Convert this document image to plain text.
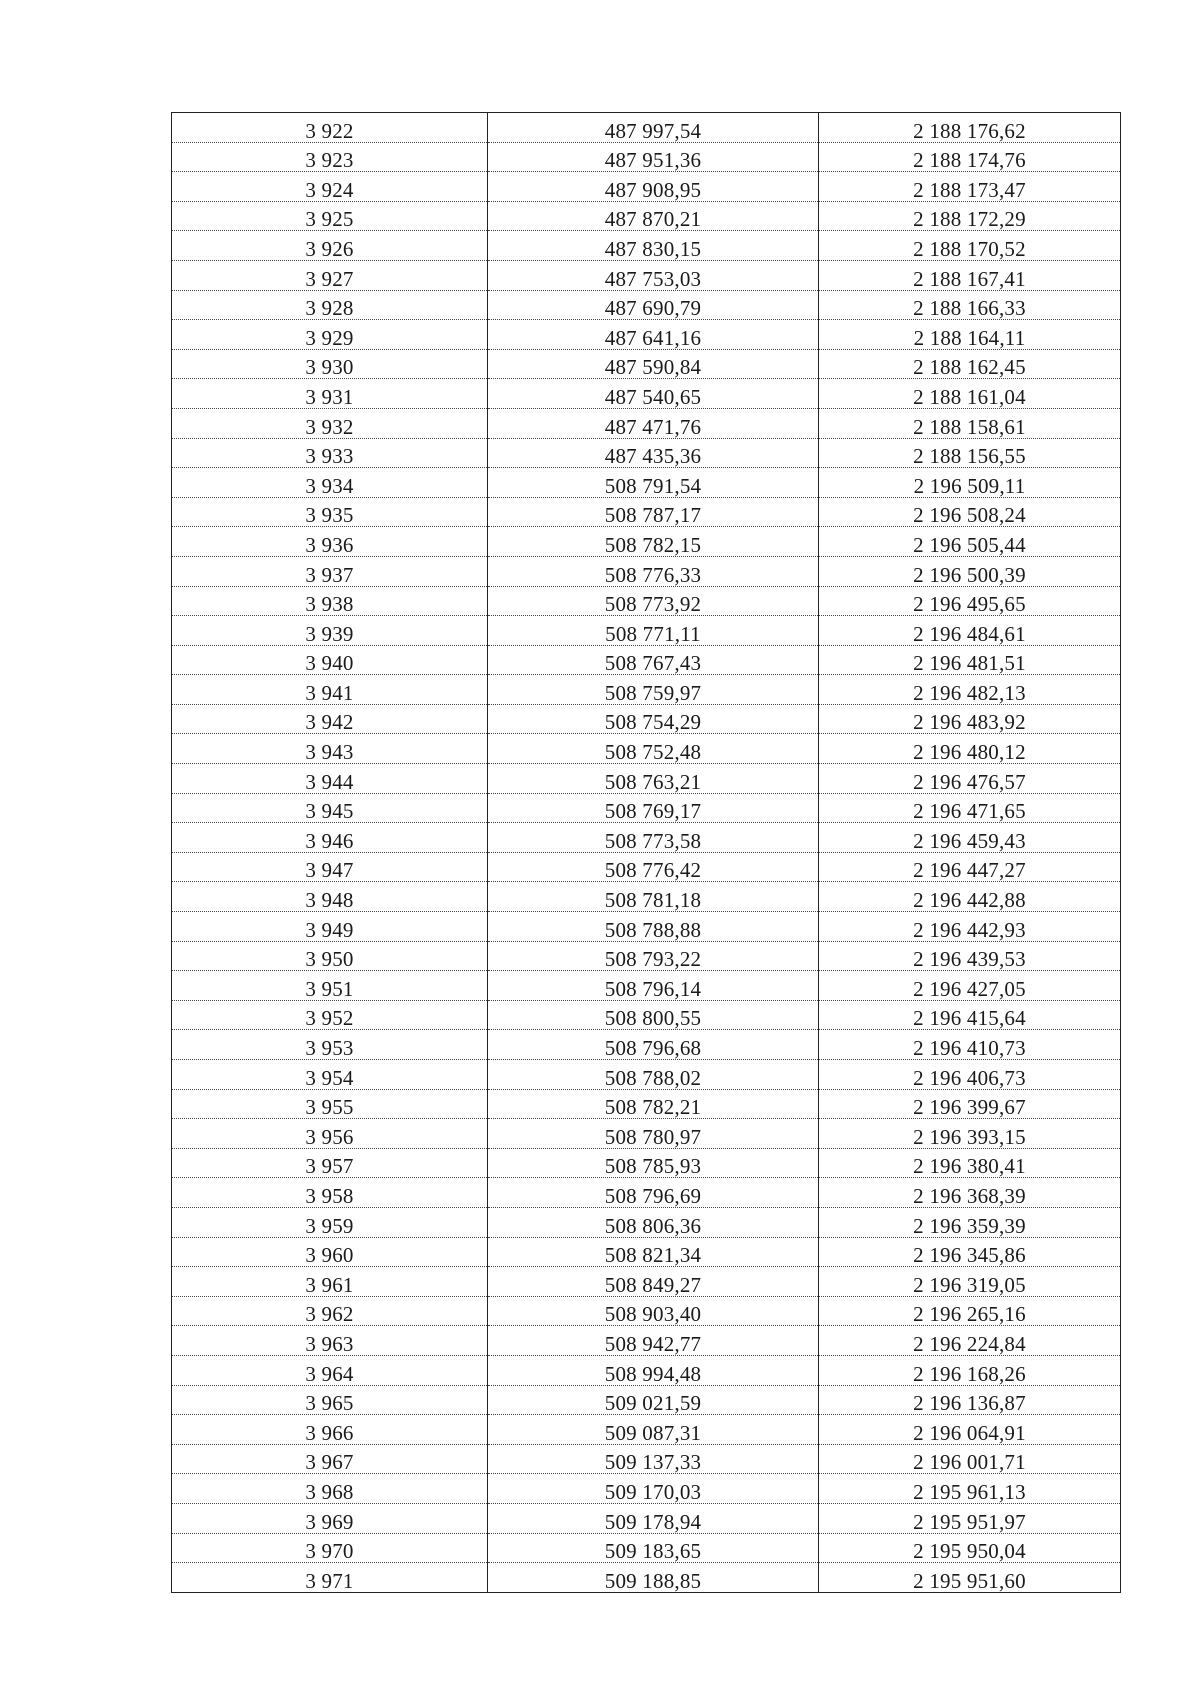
3 922	487 997,54	2 188 176,62
3 923	487 951,36	2 188 174,76
3 924	487 908,95	2 188 173,47
3 925	487 870,21	2 188 172,29
3 926	487 830,15	2 188 170,52
3 927	487 753,03	2 188 167,41
3 928	487 690,79	2 188 166,33
3 929	487 641,16	2 188 164,11
3 930	487 590,84	2 188 162,45
3 931	487 540,65	2 188 161,04
3 932	487 471,76	2 188 158,61
3 933	487 435,36	2 188 156,55
3 934	508 791,54	2 196 509,11
3 935	508 787,17	2 196 508,24
3 936	508 782,15	2 196 505,44
3 937	508 776,33	2 196 500,39
3 938	508 773,92	2 196 495,65
3 939	508 771,11	2 196 484,61
3 940	508 767,43	2 196 481,51
3 941	508 759,97	2 196 482,13
3 942	508 754,29	2 196 483,92
3 943	508 752,48	2 196 480,12
3 944	508 763,21	2 196 476,57
3 945	508 769,17	2 196 471,65
3 946	508 773,58	2 196 459,43
3 947	508 776,42	2 196 447,27
3 948	508 781,18	2 196 442,88
3 949	508 788,88	2 196 442,93
3 950	508 793,22	2 196 439,53
3 951	508 796,14	2 196 427,05
3 952	508 800,55	2 196 415,64
3 953	508 796,68	2 196 410,73
3 954	508 788,02	2 196 406,73
3 955	508 782,21	2 196 399,67
3 956	508 780,97	2 196 393,15
3 957	508 785,93	2 196 380,41
3 958	508 796,69	2 196 368,39
3 959	508 806,36	2 196 359,39
3 960	508 821,34	2 196 345,86
3 961	508 849,27	2 196 319,05
3 962	508 903,40	2 196 265,16
3 963	508 942,77	2 196 224,84
3 964	508 994,48	2 196 168,26
3 965	509 021,59	2 196 136,87
3 966	509 087,31	2 196 064,91
3 967	509 137,33	2 196 001,71
3 968	509 170,03	2 195 961,13
3 969	509 178,94	2 195 951,97
3 970	509 183,65	2 195 950,04
3 971	509 188,85	2 195 951,60
